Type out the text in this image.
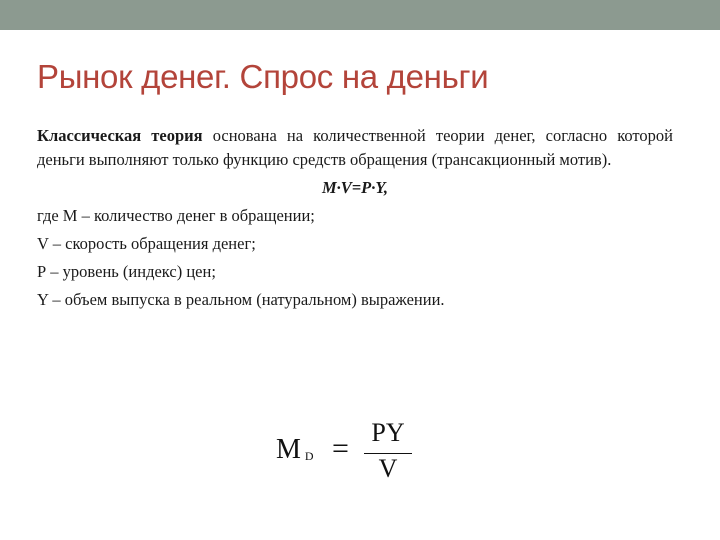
Рынок денег. Спрос на деньги

Классическая теория основана на количественной теории денег, согласно которой деньги выполняют только функцию средств обращения (трансакционный мотив).

M·V=P·Y,
где М – количество денег в обращении;
V – скорость обращения денег;
Р – уровень (индекс) цен;
Y – объем выпуска в реальном (натуральном) выражении.
M $_D$ = PY
V
